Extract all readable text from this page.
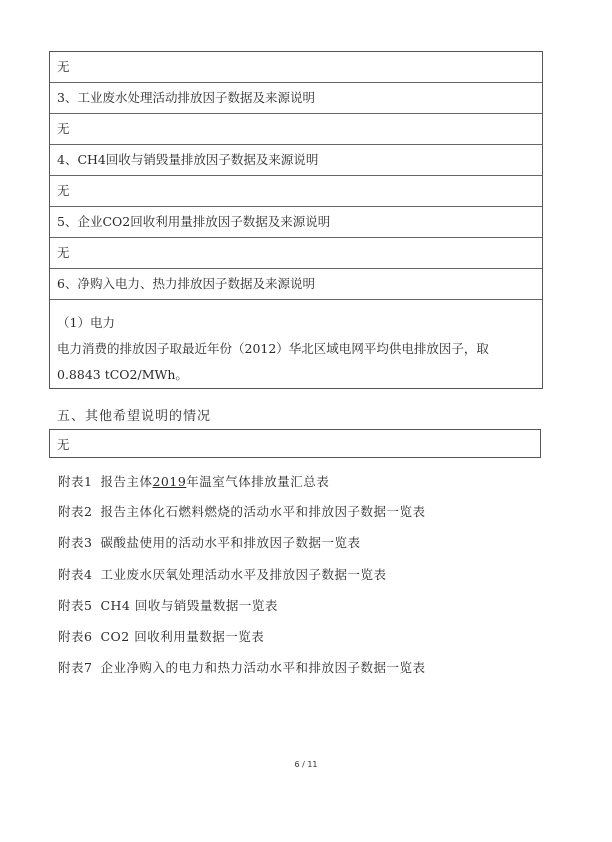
无
3、工业废水处理活动排放因子数据及来源说明
无
4、CH4回收与销毁量排放因子数据及来源说明
无
5、企业CO2回收利用量排放因子数据及来源说明
无
6、净购入电力、热力排放因子数据及来源说明
（1）电力
电力消费的排放因子取最近年份（2012）华北区域电网平均供电排放因子，取
0.8843 tCO2/MWh。
五、其他希望说明的情况
无
附表1 报告主体2019年温室气体排放量汇总表
附表2 报告主体化石燃料燃烧的活动水平和排放因子数据一览表
附表3 碳酸盐使用的活动水平和排放因子数据一览表
附表4 工业废水厌氧处理活动水平及排放因子数据一览表
附表5 CH4 回收与销毁量数据一览表
附表6 CO2 回收利用量数据一览表
附表7 企业净购入的电力和热力活动水平和排放因子数据一览表
6 / 11
